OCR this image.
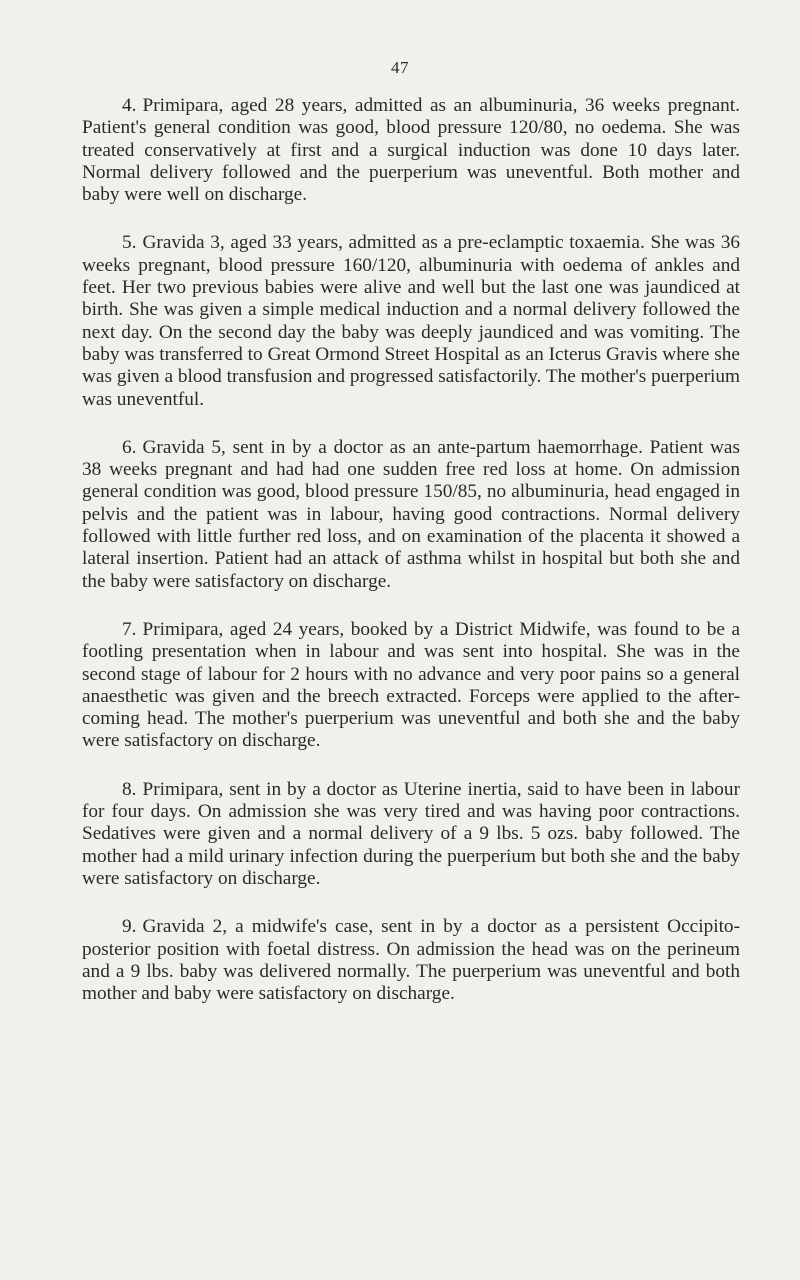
47

4. Primipara, aged 28 years, admitted as an albuminuria, 36 weeks pregnant. Patient's general condition was good, blood pressure 120/80, no oedema. She was treated conservatively at first and a surgical induction was done 10 days later. Normal delivery followed and the puerperium was uneventful. Both mother and baby were well on discharge.

5. Gravida 3, aged 33 years, admitted as a pre-eclamptic toxaemia. She was 36 weeks pregnant, blood pressure 160/120, albuminuria with oedema of ankles and feet. Her two previous babies were alive and well but the last one was jaundiced at birth. She was given a simple medical induction and a normal delivery followed the next day. On the second day the baby was deeply jaundiced and was vomiting. The baby was transferred to Great Ormond Street Hospital as an Icterus Gravis where she was given a blood transfusion and progressed satisfactorily. The mother's puerperium was uneventful.

6. Gravida 5, sent in by a doctor as an ante-partum haemorrhage. Patient was 38 weeks pregnant and had had one sudden free red loss at home. On admission general condition was good, blood pressure 150/85, no albuminuria, head engaged in pelvis and the patient was in labour, having good contractions. Normal delivery followed with little further red loss, and on examination of the placenta it showed a lateral insertion. Patient had an attack of asthma whilst in hospital but both she and the baby were satisfactory on discharge.

7. Primipara, aged 24 years, booked by a District Midwife, was found to be a footling presentation when in labour and was sent into hospital. She was in the second stage of labour for 2 hours with no advance and very poor pains so a general anaesthetic was given and the breech extracted. Forceps were applied to the after-coming head. The mother's puerperium was uneventful and both she and the baby were satisfactory on discharge.

8. Primipara, sent in by a doctor as Uterine inertia, said to have been in labour for four days. On admission she was very tired and was having poor contractions. Sedatives were given and a normal delivery of a 9 lbs. 5 ozs. baby followed. The mother had a mild urinary infection during the puerperium but both she and the baby were satisfactory on discharge.

9. Gravida 2, a midwife's case, sent in by a doctor as a persistent Occipito-posterior position with foetal distress. On admission the head was on the perineum and a 9 lbs. baby was delivered normally. The puerperium was uneventful and both mother and baby were satisfactory on discharge.
